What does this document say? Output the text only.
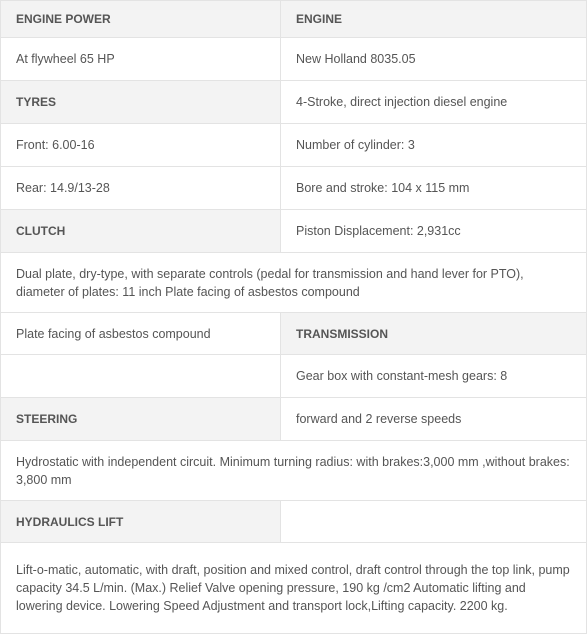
ENGINE POWER	ENGINE
At flywheel 65 HP	New Holland 8035.05
TYRES	4-Stroke, direct injection diesel engine
Front: 6.00-16	Number of cylinder: 3
Rear: 14.9/13-28	Bore and stroke: 104 x 115 mm
CLUTCH	Piston Displacement: 2,931cc
Dual plate, dry-type, with separate controls (pedal for transmission and hand lever for PTO), diameter of plates: 11 inch Plate facing of asbestos compound	
Plate facing of asbestos compound	TRANSMISSION
	Gear box with constant-mesh gears: 8
STEERING	forward and 2 reverse speeds
Hydrostatic with independent circuit. Minimum turning radius: with brakes:3,000 mm ,without brakes: 3,800 mm	
HYDRAULICS LIFT	
Lift-o-matic, automatic, with draft, position and mixed control, draft control through the top link, pump capacity 34.5 L/min. (Max.) Relief Valve opening pressure, 190 kg /cm2 Automatic lifting and lowering device. Lowering Speed Adjustment and transport lock,Lifting capacity. 2200 kg.	
